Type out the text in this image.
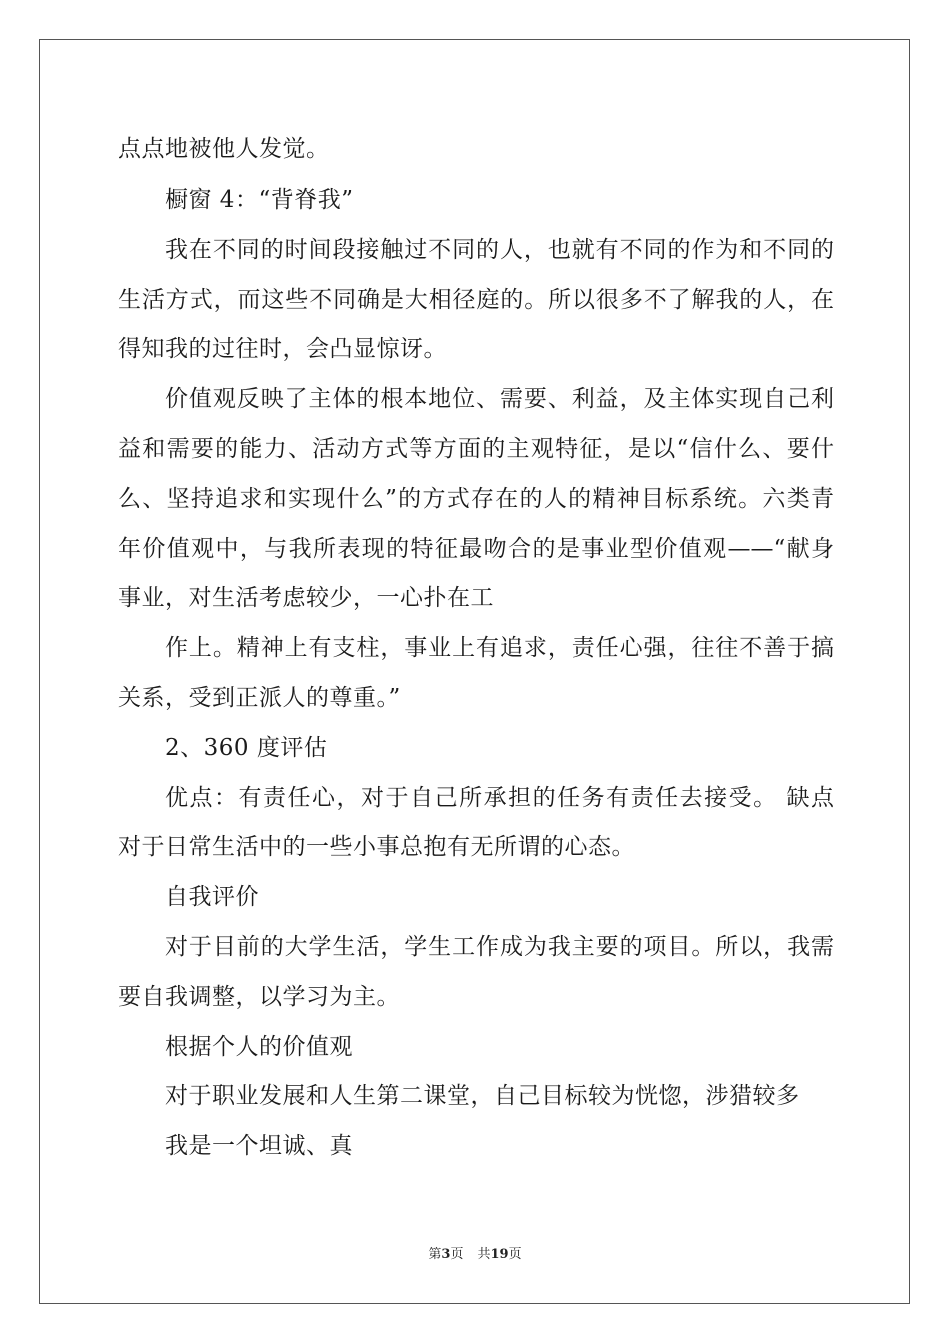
点点地被他人发觉。
橱窗 4：“背脊我”
我在不同的时间段接触过不同的人，也就有不同的作为和不同的
生活方式，而这些不同确是大相径庭的。所以很多不了解我的人，在
得知我的过往时，会凸显惊讶。
价值观反映了主体的根本地位、需要、利益，及主体实现自己利
益和需要的能力、活动方式等方面的主观特征，是以“信什么、要什
么、坚持追求和实现什么”的方式存在的人的精神目标系统。六类青
年价值观中，与我所表现的特征最吻合的是事业型价值观——“献身
事业，对生活考虑较少，一心扑在工
作上。精神上有支柱，事业上有追求，责任心强，往往不善于搞
关系，受到正派人的尊重。”
2、360 度评估
优点：有责任心，对于自己所承担的任务有责任去接受。 缺点
对于日常生活中的一些小事总抱有无所谓的心态。
自我评价
对于目前的大学生活，学生工作成为我主要的项目。所以，我需
要自我调整，以学习为主。
根据个人的价值观
对于职业发展和人生第二课堂，自己目标较为恍惚，涉猎较多
我是一个坦诚、真
第3页 共19页
